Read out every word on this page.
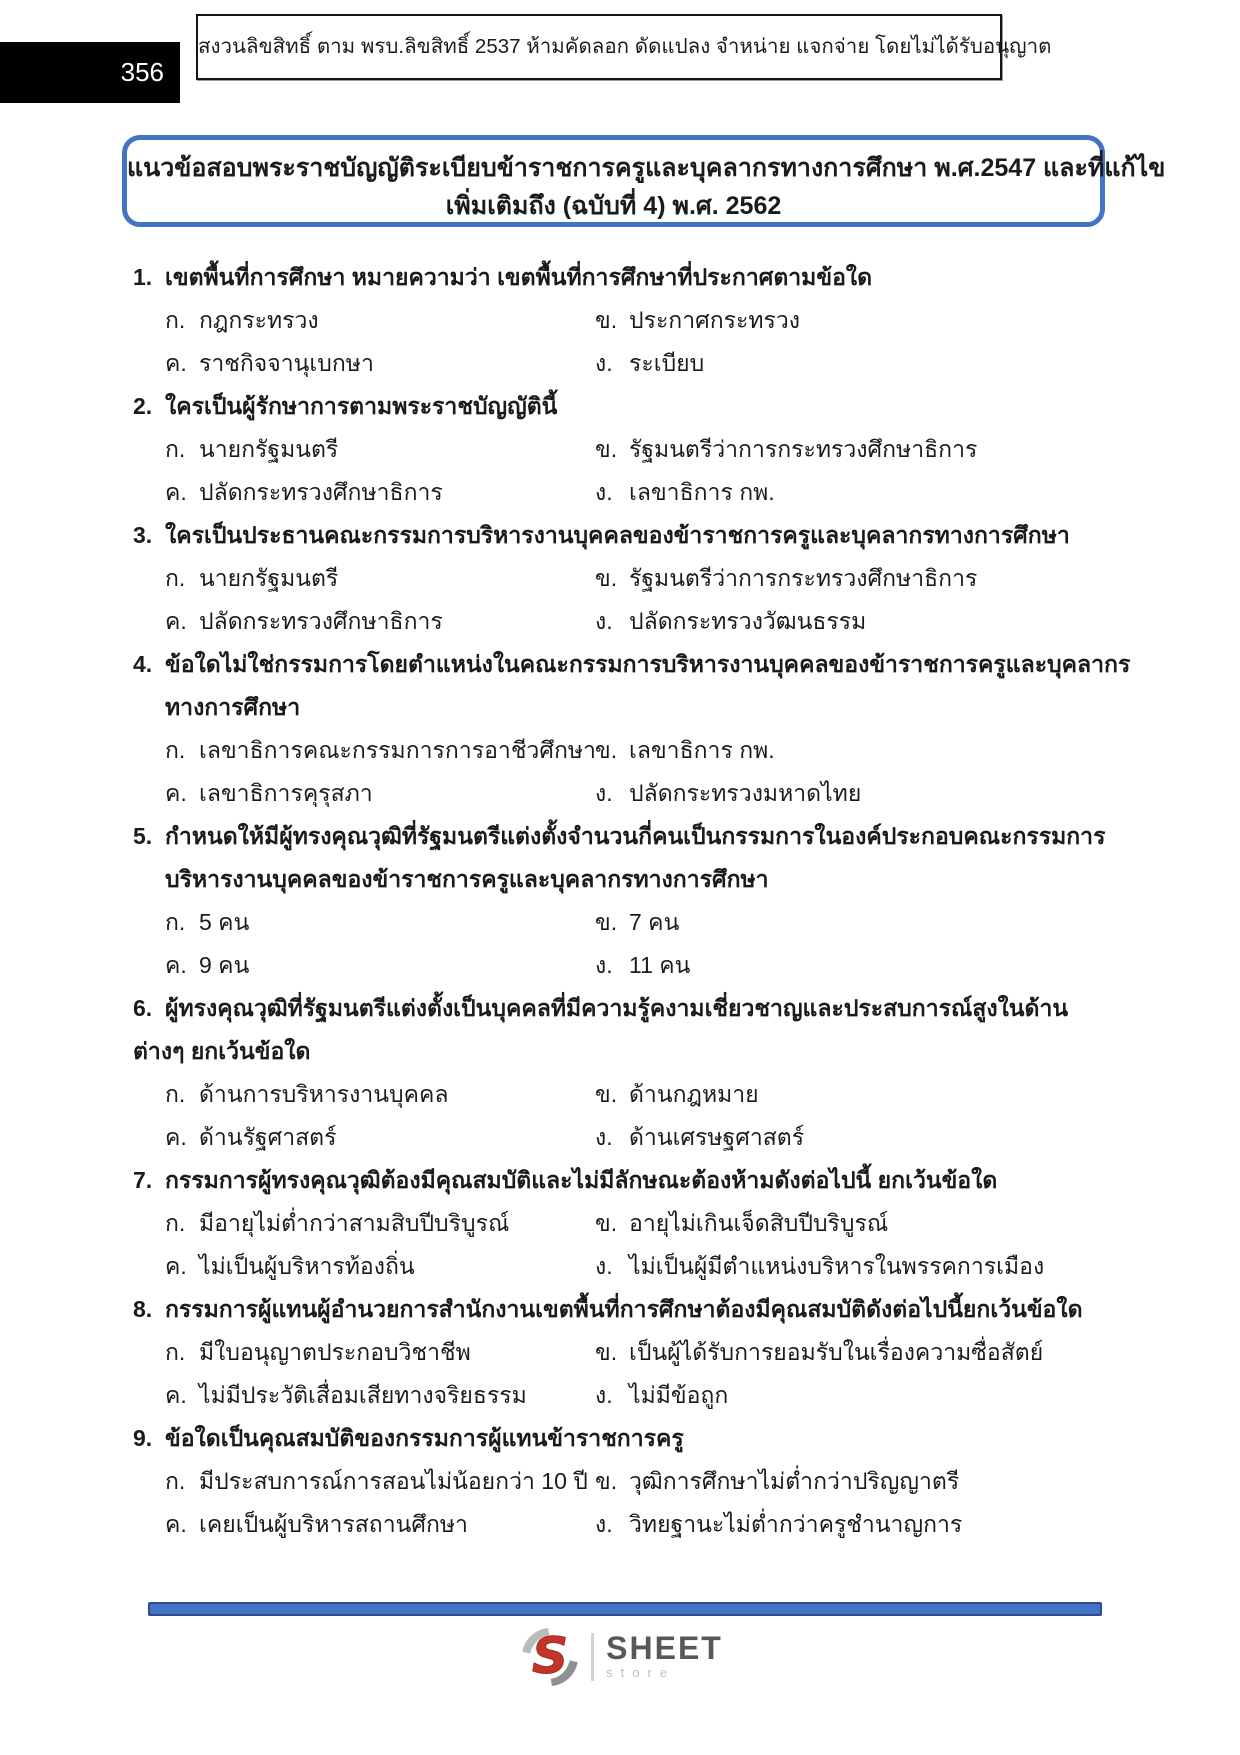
356
สงวนลิขสิทธิ์ ตาม พรบ.ลิขสิทธิ์ 2537 ห้ามคัดลอก ดัดแปลง จำหน่าย แจกจ่าย โดยไม่ได้รับอนุญาต
แนวข้อสอบพระราชบัญญัติระเบียบข้าราชการครูและบุคลากรทางการศึกษา พ.ศ.2547 และที่แก้ไข
เพิ่มเติมถึง (ฉบับที่ 4) พ.ศ. 2562
1. เขตพื้นที่การศึกษา หมายความว่า เขตพื้นที่การศึกษาที่ประกาศตามข้อใด
ก. กฎกระทรวง	ข. ประกาศกระทรวง
ค. ราชกิจจานุเบกษา	ง. ระเบียบ
2. ใครเป็นผู้รักษาการตามพระราชบัญญัตินี้
ก. นายกรัฐมนตรี	ข. รัฐมนตรีว่าการกระทรวงศึกษาธิการ
ค. ปลัดกระทรวงศึกษาธิการ	ง. เลขาธิการ กพ.
3. ใครเป็นประธานคณะกรรมการบริหารงานบุคคลของข้าราชการครูและบุคลากรทางการศึกษา
ก. นายกรัฐมนตรี	ข. รัฐมนตรีว่าการกระทรวงศึกษาธิการ
ค. ปลัดกระทรวงศึกษาธิการ	ง. ปลัดกระทรวงวัฒนธรรม
4. ข้อใดไม่ใช่กรรมการโดยตำแหน่งในคณะกรรมการบริหารงานบุคคลของข้าราชการครูและบุคลากร
ทางการศึกษา
ก. เลขาธิการคณะกรรมการการอาชีวศึกษา ข. เลขาธิการ กพ.
ค. เลขาธิการคุรุสภา	ง. ปลัดกระทรวงมหาดไทย
5. กำหนดให้มีผู้ทรงคุณวุฒิที่รัฐมนตรีแต่งตั้งจำนวนกี่คนเป็นกรรมการในองค์ประกอบคณะกรรมการ
บริหารงานบุคคลของข้าราชการครูและบุคลากรทางการศึกษา
ก. 5 คน	ข. 7 คน
ค. 9 คน	ง. 11 คน
6. ผู้ทรงคุณวุฒิที่รัฐมนตรีแต่งตั้งเป็นบุคคลที่มีความรู้คงามเชี่ยวชาญและประสบการณ์สูงในด้าน
ต่างๆ ยกเว้นข้อใด
ก. ด้านการบริหารงานบุคคล	ข. ด้านกฎหมาย
ค. ด้านรัฐศาสตร์	ง. ด้านเศรษฐศาสตร์
7. กรรมการผู้ทรงคุณวุฒิต้องมีคุณสมบัติและไม่มีลักษณะต้องห้ามดังต่อไปนี้ ยกเว้นข้อใด
ก. มีอายุไม่ต่ำกว่าสามสิบปีบริบูรณ์	ข. อายุไม่เกินเจ็ดสิบปีบริบูรณ์
ค. ไม่เป็นผู้บริหารท้องถิ่น	ง. ไม่เป็นผู้มีตำแหน่งบริหารในพรรคการเมือง
8. กรรมการผู้แทนผู้อำนวยการสำนักงานเขตพื้นที่การศึกษาต้องมีคุณสมบัติดังต่อไปนี้ยกเว้นข้อใด
ก. มีใบอนุญาตประกอบวิชาชีพ	ข. เป็นผู้ได้รับการยอมรับในเรื่องความซื่อสัตย์
ค. ไม่มีประวัติเสื่อมเสียทางจริยธรรม	ง. ไม่มีข้อถูก
9. ข้อใดเป็นคุณสมบัติของกรรมการผู้แทนข้าราชการครู
ก. มีประสบการณ์การสอนไม่น้อยกว่า 10 ปี ข. วุฒิการศึกษาไม่ต่ำกว่าปริญญาตรี
ค. เคยเป็นผู้บริหารสถานศึกษา	ง. วิทยฐานะไม่ต่ำกว่าครูชำนาญการ
S SHEET
store
